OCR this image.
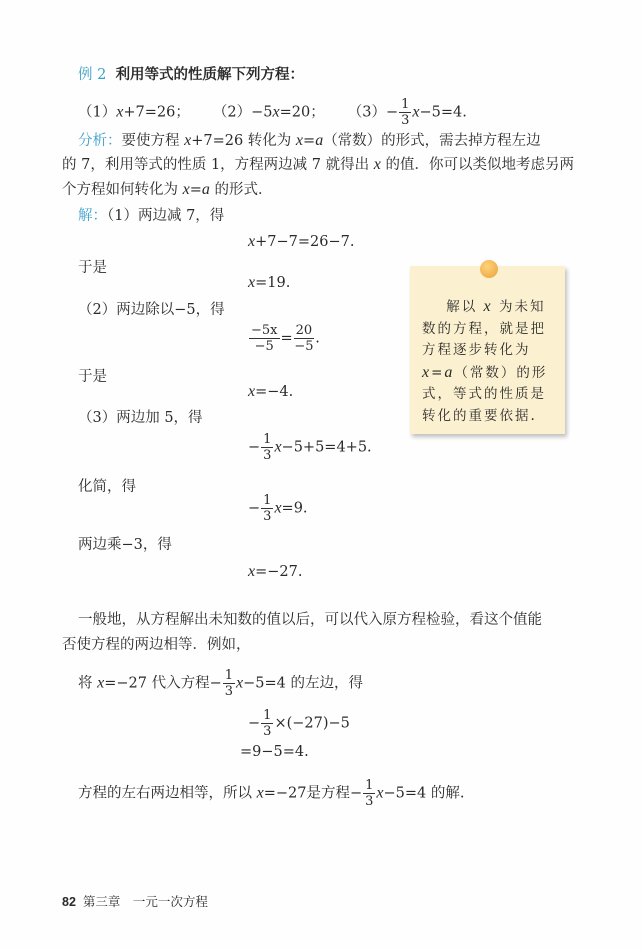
例 2 利用等式的性质解下列方程：
（1）x+7=26； （2）−5x=20； $(3)- \frac{1}{3} x-5=4$.
分析：要使方程 x+7=26 转化为 x=a（常数）的形式，需去掉方程左边
的 7，利用等式的性质 1，方程两边减 7 就得出 x 的值．你可以类似地考虑另两
个方程如何转化为 x=a 的形式．
解：（1）两边减 7，得
x+7−7=26−7.
于是
x=19.
（2）两边除以−5，得
$\frac{-5x}{-5} = \frac{20}{-5}$ .
于是
x=−4.
（3）两边加 5，得
− $\frac{1}{3} x-5+5=4+5$.
化简，得
− $\frac{1}{3} x=9$.
两边乘−3，得
x=−27.
  解以 x 为未知数的方程，就是把方程逐步转化为 x=a（常数）的形式，等式的性质是转化的重要依据.
一般地，从方程解出未知数的值以后，可以代入原方程检验，看这个值能
否使方程的两边相等．例如，
将 x=−27 代入方程− $\frac{1}{3} x-5=4$ 的左边，得
− $\frac{1}{3} \times(-27)-5$
=9−5=4.
方程的左右两边相等，所以 x=−27是方程− $\frac{1}{3} x-5=4$ 的解.
82 第三章　一元一次方程
